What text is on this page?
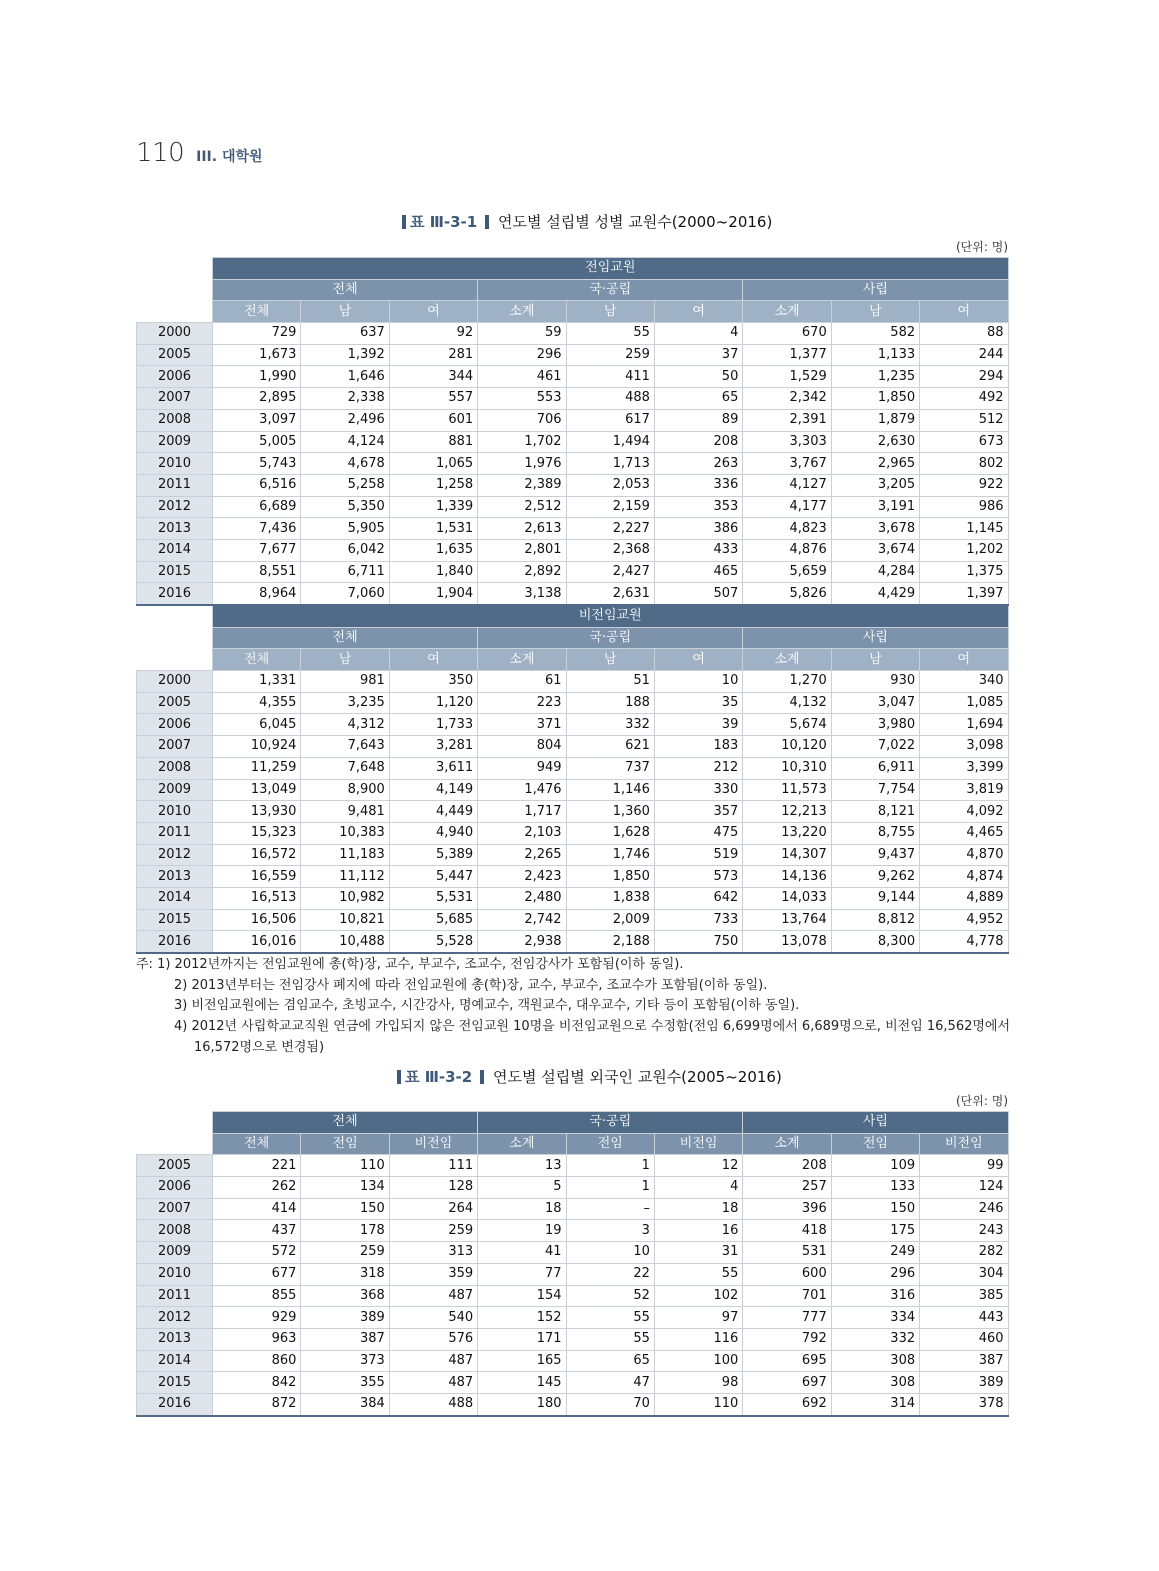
110 III. 대학원
표 Ⅲ-3-1 연도별 설립별 성별 교원수(2000~2016)
(단위: 명)
	전임교원								
	전체			국·공립			사립		
	전체	남	여	소계	남	여	소계	남	여
2000	729	637	92	59	55	4	670	582	88
2005	1,673	1,392	281	296	259	37	1,377	1,133	244
2006	1,990	1,646	344	461	411	50	1,529	1,235	294
2007	2,895	2,338	557	553	488	65	2,342	1,850	492
2008	3,097	2,496	601	706	617	89	2,391	1,879	512
2009	5,005	4,124	881	1,702	1,494	208	3,303	2,630	673
2010	5,743	4,678	1,065	1,976	1,713	263	3,767	2,965	802
2011	6,516	5,258	1,258	2,389	2,053	336	4,127	3,205	922
2012	6,689	5,350	1,339	2,512	2,159	353	4,177	3,191	986
2013	7,436	5,905	1,531	2,613	2,227	386	4,823	3,678	1,145
2014	7,677	6,042	1,635	2,801	2,368	433	4,876	3,674	1,202
2015	8,551	6,711	1,840	2,892	2,427	465	5,659	4,284	1,375
2016	8,964	7,060	1,904	3,138	2,631	507	5,826	4,429	1,397
	비전임교원								
	전체			국·공립			사립		
	전체	남	여	소계	남	여	소계	남	여
2000	1,331	981	350	61	51	10	1,270	930	340
2005	4,355	3,235	1,120	223	188	35	4,132	3,047	1,085
2006	6,045	4,312	1,733	371	332	39	5,674	3,980	1,694
2007	10,924	7,643	3,281	804	621	183	10,120	7,022	3,098
2008	11,259	7,648	3,611	949	737	212	10,310	6,911	3,399
2009	13,049	8,900	4,149	1,476	1,146	330	11,573	7,754	3,819
2010	13,930	9,481	4,449	1,717	1,360	357	12,213	8,121	4,092
2011	15,323	10,383	4,940	2,103	1,628	475	13,220	8,755	4,465
2012	16,572	11,183	5,389	2,265	1,746	519	14,307	9,437	4,870
2013	16,559	11,112	5,447	2,423	1,850	573	14,136	9,262	4,874
2014	16,513	10,982	5,531	2,480	1,838	642	14,033	9,144	4,889
2015	16,506	10,821	5,685	2,742	2,009	733	13,764	8,812	4,952
2016	16,016	10,488	5,528	2,938	2,188	750	13,078	8,300	4,778

주: 1) 2012년까지는 전임교원에 총(학)장, 교수, 부교수, 조교수, 전임강사가 포함됨(이하 동일).

2) 2013년부터는 전임강사 폐지에 따라 전임교원에 총(학)장, 교수, 부교수, 조교수가 포함됨(이하 동일).

3) 비전임교원에는 겸임교수, 초빙교수, 시간강사, 명예교수, 객원교수, 대우교수, 기타 등이 포함됨(이하 동일).

4) 2012년 사립학교교직원 연금에 가입되지 않은 전임교원 10명을 비전임교원으로 수정함(전임 6,699명에서 6,689명으로, 비전임 16,562명에서

16,572명으로 변경됨)

표 Ⅲ-3-2 연도별 설립별 외국인 교원수(2005~2016)
(단위: 명)
	전체			국·공립			사립		
	전체	전임	비전임	소계	전임	비전임	소계	전임	비전임
2005	221	110	111	13	1	12	208	109	99
2006	262	134	128	5	1	4	257	133	124
2007	414	150	264	18	–	18	396	150	246
2008	437	178	259	19	3	16	418	175	243
2009	572	259	313	41	10	31	531	249	282
2010	677	318	359	77	22	55	600	296	304
2011	855	368	487	154	52	102	701	316	385
2012	929	389	540	152	55	97	777	334	443
2013	963	387	576	171	55	116	792	332	460
2014	860	373	487	165	65	100	695	308	387
2015	842	355	487	145	47	98	697	308	389
2016	872	384	488	180	70	110	692	314	378
